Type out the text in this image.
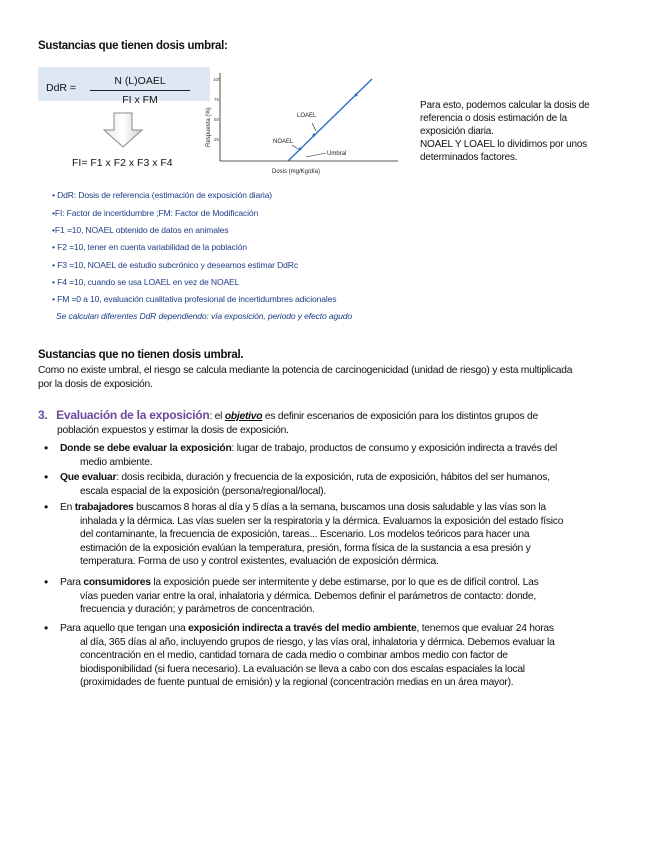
Sustancias que tienen dosis umbral:
DdR =
N (L)OAEL
FI x FM
FI= F1 x F2 x F3 x F4
Respuesta (%)
Dosis (mg/Kg/día)
100
75
50
25
LOAEL
NOAEL
Umbral
• DdR: Dosis de referencia (estimación de exposición diaria)
•FI: Factor de incertidumbre ;FM: Factor de Modificación
•F1 =10, NOAEL obtenido de datos en animales
• F2 =10, tener en cuenta variabilidad de la población
• F3 =10, NOAEL de estudio subcrónico y deseamos estimar DdRc
• F4 =10, cuando se usa LOAEL en vez de NOAEL
• FM =0 a 10, evaluación cualitativa profesional de incertidumbres adicionales
Se calculan diferentes DdR dependiendo: vía exposición, periodo y efecto agudo
Para esto, podemos calcular la dosis de
referencia o dosis estimación de la
exposición diaria.
NOAEL Y LOAEL lo dividimos por unos
determinados factores.
Sustancias que no tienen dosis umbral.
Como no existe umbral, el riesgo se calcula mediante la potencia de carcinogenicidad (unidad de riesgo) y esta multiplicada
por la dosis de exposición.
3. Evaluación de la exposición: el objetivo es definir escenarios de exposición para los distintos grupos de
población expuestos y estimar la dosis de exposición.
• Donde se debe evaluar la exposición: lugar de trabajo, productos de consumo y exposición indirecta a través del
medio ambiente.
• Que evaluar: dosis recibida, duración y frecuencia de la exposición, ruta de exposición, hábitos del ser humanos,
escala espacial de la exposición (persona/regional/local).
• En trabajadores buscamos 8 horas al día y 5 días a la semana, buscamos una dosis saludable y las vías son la
inhalada y la dérmica. Las vías suelen ser la respiratoria y la dérmica. Evaluamos la exposición del estado físico
del contaminante, la frecuencia de exposición, tareas... Escenario. Los modelos teóricos para hacer una
estimación de la exposición evalúan la temperatura, presión, forma física de la sustancia a esa presión y
temperatura. Forma de uso y control existentes, evaluación de exposición dérmica.
• Para consumidores la exposición puede ser intermitente y debe estimarse, por lo que es de difícil control. Las
vías pueden variar entre la oral, inhalatoria y dérmica. Debemos definir el parámetros de contacto: donde,
frecuencia y duración; y parámetros de concentración.
• Para aquello que tengan una exposición indirecta a través del medio ambiente, tenemos que evaluar 24 horas
al día, 365 días al año, incluyendo grupos de riesgo, y las vías oral, inhalatoria y dérmica. Debemos evaluar la
concentración en el medio, cantidad tomara de cada medio o combinar ambos medio con factor de
biodisponibilidad (si fuera necesario). La evaluación se lleva a cabo con dos escalas espaciales la local
(proximidades de fuente puntual de emisión) y la regional (concentración medias en un área mayor).
